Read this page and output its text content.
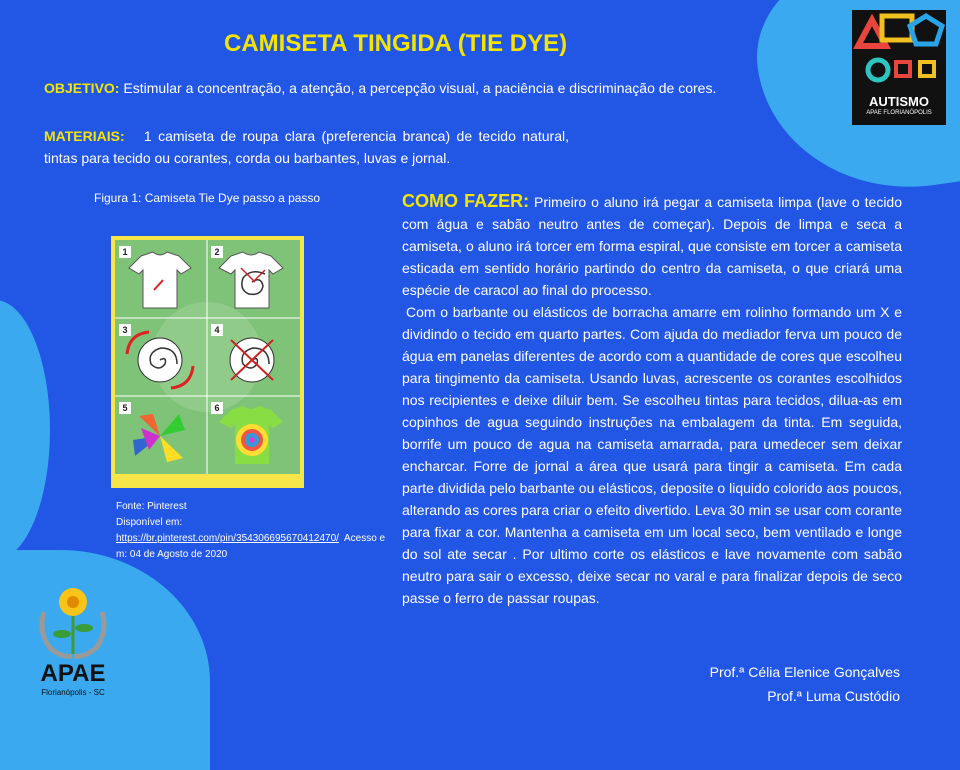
CAMISETA TINGIDA (TIE DYE)
OBJETIVO: Estimular a concentração, a atenção, a percepção visual, a paciência e discriminação de cores.
MATERIAIS: 1 camiseta de roupa clara (preferencia branca) de tecido natural, tintas para tecido ou corantes, corda ou barbantes, luvas e jornal.
Figura 1: Camiseta Tie Dye passo a passo
1	2
3	4
5	6
Fonte: Pinterest
Disponível em:
https://br.pinterest.com/pin/354306695670412470/ Acesso em: 04 de Agosto de 2020
COMO FAZER: Primeiro o aluno irá pegar a camiseta limpa (lave o tecido com água e sabão neutro antes de começar). Depois de limpa e seca a camiseta, o aluno irá torcer em forma espiral, que consiste em torcer a camiseta esticada em sentido horário partindo do centro da camiseta, o que criará uma espécie de caracol ao final do processo.
Com o barbante ou elásticos de borracha amarre em rolinho formando um X e dividindo o tecido em quarto partes. Com ajuda do mediador ferva um pouco de água em panelas diferentes de acordo com a quantidade de cores que escolheu para tingimento da camiseta. Usando luvas, acrescente os corantes escolhidos nos recipientes e deixe diluir bem. Se escolheu tintas para tecidos, dilua-as em copinhos de agua seguindo instruções na embalagem da tinta. Em seguida, borrife um pouco de agua na camiseta amarrada, para umedecer sem deixar encharcar. Forre de jornal a área que usará para tingir a camiseta. Em cada parte dividida pelo barbante ou elásticos, deposite o liquido colorido aos poucos, alterando as cores para criar o efeito divertido. Leva 30 min se usar com corante para fixar a cor. Mantenha a camiseta em um local seco, bem ventilado e longe do sol ate secar . Por ultimo corte os elásticos e lave novamente com sabão neutro para sair o excesso, deixe secar no varal e para finalizar depois de seco passe o ferro de passar roupas.
Prof.ª Célia Elenice Gonçalves
Prof.ª Luma Custódio
AUTISMO
APAE FLORIANÓPOLIS
APAE
Florianópolis - SC
